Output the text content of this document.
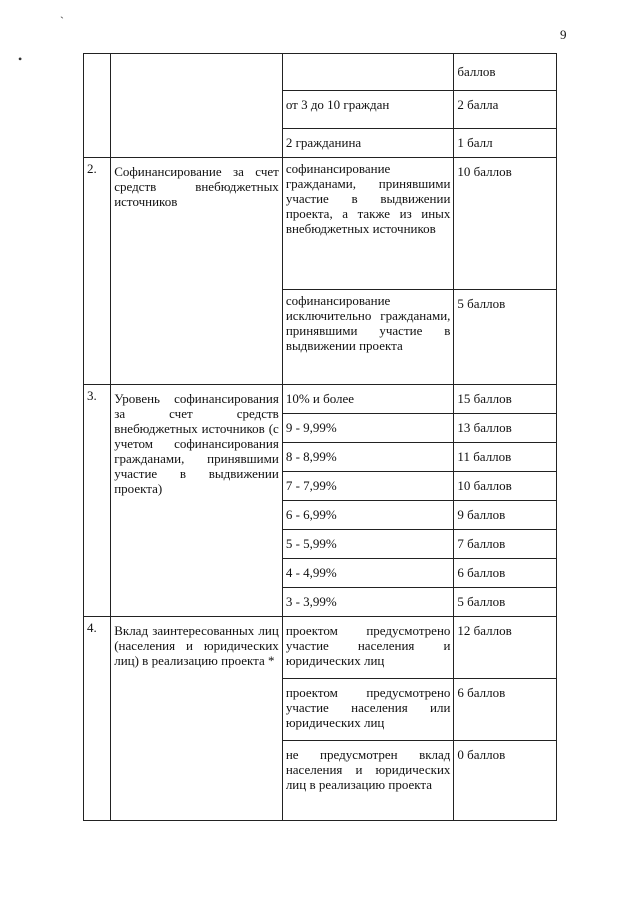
9
`
•
			баллов
		от 3 до 10 граждан	2 балла
		2 гражданина	1 балл
2.	Софинансирование за счет средств внебюджетных источников	софинансирование гражданами, принявшими участие в выдвижении проекта, а также из иных внебюджетных источников	10 баллов
		софинансирование исключительно гражданами, принявшими участие в выдвижении проекта	5 баллов
3.	Уровень софинансирования за счет средств внебюджетных источников (с учетом софинансирования гражданами, принявшими участие в выдвижении проекта)	10% и более	15 баллов
		9 - 9,99%	13 баллов
		8 - 8,99%	11 баллов
		7 - 7,99%	10 баллов
		6 - 6,99%	9 баллов
		5 - 5,99%	7 баллов
		4 - 4,99%	6 баллов
		3 - 3,99%	5 баллов
4.	Вклад заинтересованных лиц (населения и юридических лиц) в реализацию проекта *	проектом предусмотрено участие населения и юридических лиц	12 баллов
		проектом предусмотрено участие населения или юридических лиц	6 баллов
		не предусмотрен вклад населения и юридических лиц в реализацию проекта	0 баллов
